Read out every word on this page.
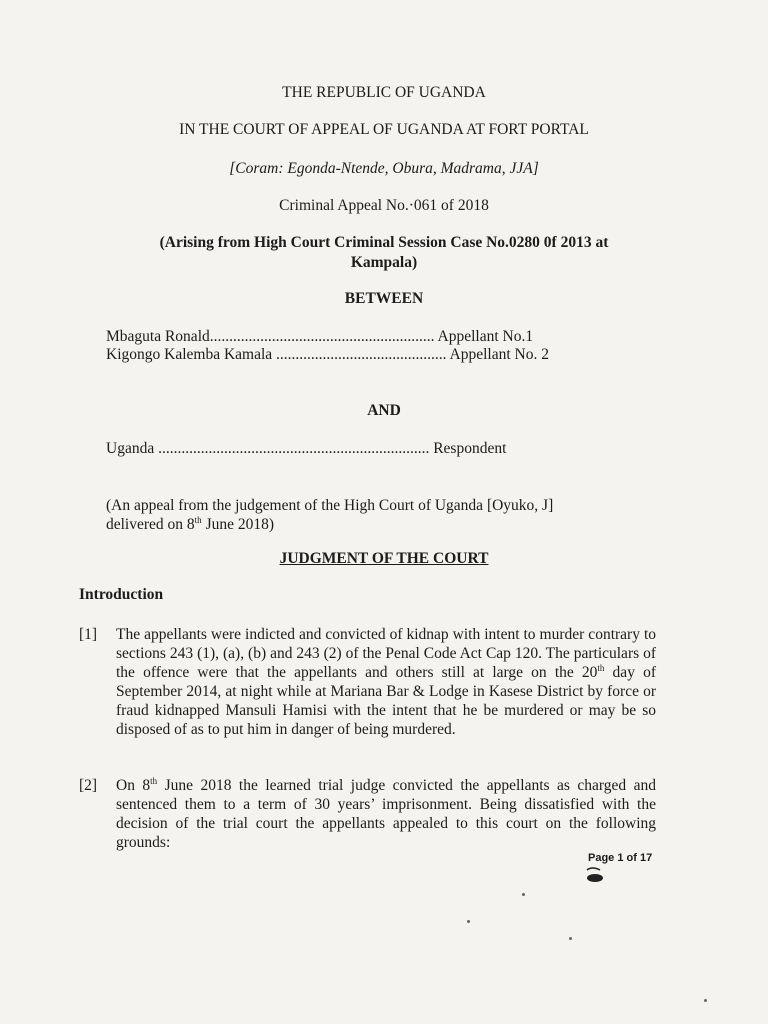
THE REPUBLIC OF UGANDA
IN THE COURT OF APPEAL OF UGANDA AT FORT PORTAL
[Coram: Egonda-Ntende, Obura, Madrama, JJA]
Criminal Appeal No.·061 of 2018
(Arising from High Court Criminal Session Case No.0280 0f 2013 at
Kampala)
BETWEEN
Mbaguta Ronald.......................................................... Appellant No.1
Kigongo Kalemba Kamala ............................................ Appellant No. 2
AND
Uganda ...................................................................... Respondent
(An appeal from the judgement of the High Court of Uganda [Oyuko, J]
delivered on 8th June 2018)
JUDGMENT OF THE COURT
Introduction
[1] The appellants were indicted and convicted of kidnap with intent to murder contrary to sections 243 (1), (a), (b) and 243 (2) of the Penal Code Act Cap 120. The particulars of the offence were that the appellants and others still at large on the 20th day of September 2014, at night while at Mariana Bar & Lodge in Kasese District by force or fraud kidnapped Mansuli Hamisi with the intent that he be murdered or may be so disposed of as to put him in danger of being murdered.
[2] On 8th June 2018 the learned trial judge convicted the appellants as charged and sentenced them to a term of 30 years’ imprisonment. Being dissatisfied with the decision of the trial court the appellants appealed to this court on the following grounds:
Page 1 of 17
